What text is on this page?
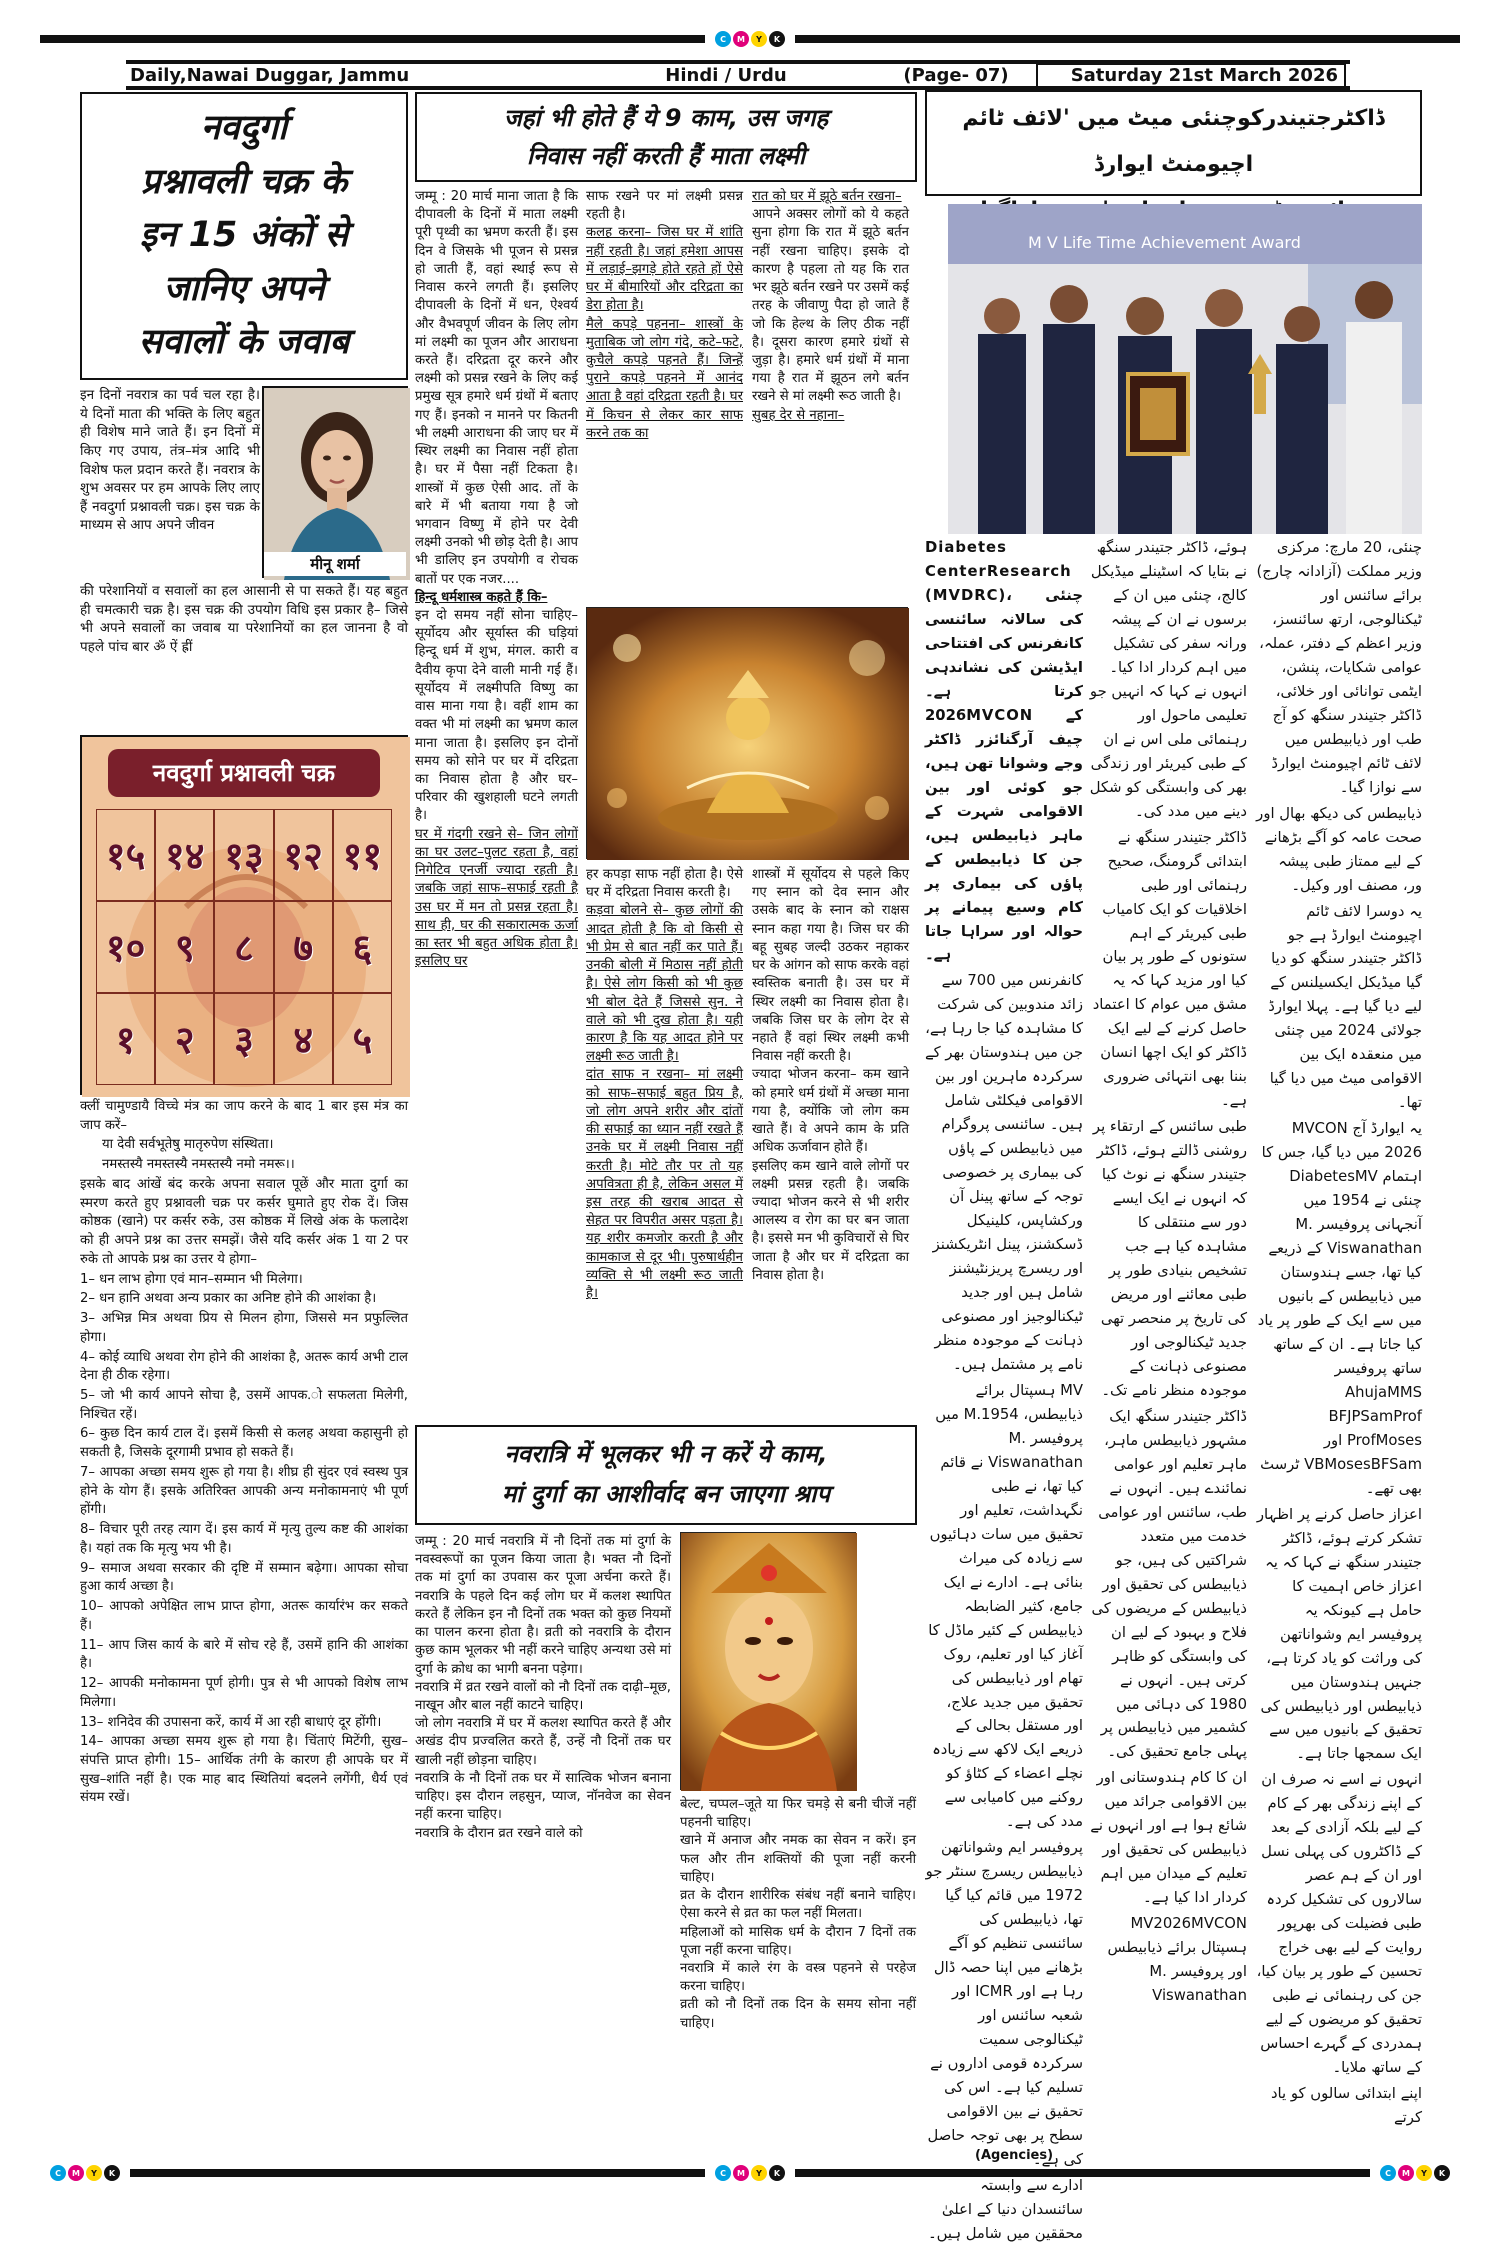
C	M	Y	K
Daily,Nawai Duggar, Jammu	Hindi / Urdu	(Page- 07)	Saturday 21st March 2026
नवदुर्गा
प्रश्नावली चक्र के
इन 15 अंकों से
जानिए अपने
सवालों के जवाब
इन दिनों नवरात्र का पर्व चल रहा है। ये दिनों माता की भक्ति के लिए बहुत ही विशेष माने जाते हैं। इन दिनों में किए गए उपाय, तंत्र–मंत्र आदि भी विशेष फल प्रदान करते हैं। नवरात्र के शुभ अवसर पर हम आपके लिए लाए हैं नवदुर्गा प्रश्नावली चक्र। इस चक्र के माध्यम से आप अपने जीवन
मीनू शर्मा
की परेशानियों व सवालों का हल आसानी से पा सकते हैं। यह बहुत ही चमत्कारी चक्र है। इस चक्र की उपयोग विधि इस प्रकार है– जिसे भी अपने सवालों का जवाब या परेशानियों का हल जानना है वो पहले पांच बार ॐ ऐं ह्रीं
नवदुर्गा प्रश्नावली चक्र
१५ १४ १३ १२ ११
१० ९	८	७	६
१	२	३	४	५

क्लीं चामुण्डायै विच्चे मंत्र का जाप करने के बाद 1 बार इस मंत्र का जाप करें–

या देवी सर्वभूतेषु मातृरुपेण संस्थिता।

नमस्तस्यै नमस्तस्यै नमस्तस्यै नमो नमरू।।

इसके बाद आंखें बंद करके अपना सवाल पूछें और माता दुर्गा का स्मरण करते हुए प्रश्नावली चक्र पर कर्सर घुमाते हुए रोक दें। जिस कोष्ठक (खाने) पर कर्सर रुके, उस कोष्ठक में लिखे अंक के फलादेश को ही अपने प्रश्न का उत्तर समझें। जैसे यदि कर्सर अंक 1 या 2 पर रुके तो आपके प्रश्न का उत्तर ये होगा–

1– धन लाभ होगा एवं मान–सम्मान भी मिलेगा।

2– धन हानि अथवा अन्य प्रकार का अनिष्ट होने की आशंका है।

3– अभिन्न मित्र अथवा प्रिय से मिलन होगा, जिससे मन प्रफुल्लित होगा।

4– कोई व्याधि अथवा रोग होने की आशंका है, अतरू कार्य अभी टाल देना ही ठीक रहेगा।

5– जो भी कार्य आपने सोचा है, उसमें आपक.ो सफलता मिलेगी, निश्चित रहें।

6– कुछ दिन कार्य टाल दें। इसमें किसी से कलह अथवा कहासुनी हो सकती है, जिसके दूरगामी प्रभाव हो सकते हैं।

7– आपका अच्छा समय शुरू हो गया है। शीघ्र ही सुंदर एवं स्वस्थ पुत्र होने के योग हैं। इसके अतिरिक्त आपकी अन्य मनोकामनाएं भी पूर्ण होंगी।

8– विचार पूरी तरह त्याग दें। इस कार्य में मृत्यु तुल्य कष्ट की आशंका है। यहां तक कि मृत्यु भय भी है।

9– समाज अथवा सरकार की दृष्टि में सम्मान बढ़ेगा। आपका सोचा हुआ कार्य अच्छा है।

10– आपको अपेक्षित लाभ प्राप्त होगा, अतरू कार्यारंभ कर सकते हैं।

11– आप जिस कार्य के बारे में सोच रहे हैं, उसमें हानि की आशंका है।

12– आपकी मनोकामना पूर्ण होगी। पुत्र से भी आपको विशेष लाभ मिलेगा।

13– शनिदेव की उपासना करें, कार्य में आ रही बाधाएं दूर होंगी।

14– आपका अच्छा समय शुरू हो गया है। चिंताएं मिटेंगी, सुख–संपत्ति प्राप्त होगी। 15– आर्थिक तंगी के कारण ही आपके घर में सुख–शांति नहीं है। एक माह बाद स्थितियां बदलने लगेंगी, धैर्य एवं संयम रखें।

जहां भी होते हैं ये 9 काम, उस जगह
निवास नहीं करती हैं माता लक्ष्मी

जम्मू : 20 मार्च माना जाता है कि दीपावली के दिनों में माता लक्ष्मी पूरी पृथ्वी का भ्रमण करती हैं। इस दिन वे जिसके भी पूजन से प्रसन्न हो जाती हैं, वहां स्थाई रूप से निवास करने लगती हैं। इसलिए दीपावली के दिनों में धन, ऐश्वर्य और वैभवपूर्ण जीवन के लिए लोग मां लक्ष्मी का पूजन और आराधना करते हैं। दरिद्रता दूर करने और लक्ष्मी को प्रसन्न रखने के लिए कई प्रमुख सूत्र हमारे धर्म ग्रंथों में बताए गए हैं। इनको न मानने पर कितनी भी लक्ष्मी आराधना की जाए घर में स्थिर लक्ष्मी का निवास नहीं होता है। घर में पैसा नहीं टिकता है। शास्त्रों में कुछ ऐसी आद. तों के बारे में भी बताया गया है जो भगवान विष्णु में होने पर देवी लक्ष्मी उनको भी छोड़ देती है। आप भी डालिए इन उपयोगी व रोचक बातों पर एक नजर....

हिन्दू धर्मशास्त्र कहते हैं कि–

इन दो समय नहीं सोना चाहिए– सूर्योदय और सूर्यास्त की घड़ियां हिन्दू धर्म में शुभ, मंगल. कारी व दैवीय कृपा देने वाली मानी गई हैं। सूर्योदय में लक्ष्मीपति विष्णु का वास माना गया है। वहीं शाम का वक्त भी मां लक्ष्मी का भ्रमण काल माना जाता है। इसलिए इन दोनों समय को सोने पर घर में दरिद्रता का निवास होता है और घर–परिवार की खुशहाली घटने लगती है।

घर में गंदगी रखने से– जिन लोगों का घर उलट–पुलट रहता है, वहां निगेटिव एनर्जी ज्यादा रहती है। जबकि जहां साफ–सफाई रहती है उस घर में मन तो प्रसन्न रहता है। साथ ही, घर की सकारात्मक ऊर्जा का स्तर भी बहुत अधिक होता है। इसलिए घर

साफ रखने पर मां लक्ष्मी प्रसन्न रहती है।

कलह करना– जिस घर में शांति नहीं रहती है। जहां हमेशा आपस में लड़ाई–झगड़े होते रहते हों ऐसे घर में बीमारियों और दरिद्रता का डेरा होता है।

मैले कपड़े पहनना– शास्त्रों के मुताबिक जो लोग गंदे, कटे–फटे, कुचैले कपड़े पहनते हैं। जिन्हें पुराने कपड़े पहनने में आनंद आता है वहां दरिद्रता रहती है। घर में किचन से लेकर कार साफ करने तक का

रात को घर में झूठे बर्तन रखना–

आपने अक्सर लोगों को ये कहते सुना होगा कि रात में झूठे बर्तन नहीं रखना चाहिए। इसके दो कारण है पहला तो यह कि रात भर झूठे बर्तन रखने पर उसमें कई तरह के जीवाणु पैदा हो जाते हैं जो कि हेल्थ के लिए ठीक नहीं है। दूसरा कारण हमारे ग्रंथों से जुड़ा है। हमारे धर्म ग्रंथों में माना गया है रात में झूठन लगे बर्तन रखने से मां लक्ष्मी रूठ जाती है।

सुबह देर से नहाना–

हर कपड़ा साफ नहीं होता है। ऐसे घर में दरिद्रता निवास करती है।

कड़वा बोलने से– कुछ लोगों की आदत होती है कि वो किसी से भी प्रेम से बात नहीं कर पाते हैं। उनकी बोली में मिठास नहीं होती है। ऐसे लोग किसी को भी कुछ भी बोल देते हैं जिससे सुन. ने वाले को भी दुख होता है। यही कारण है कि यह आदत होने पर लक्ष्मी रूठ जाती है।

दांत साफ न रखना– मां लक्ष्मी को साफ–सफाई बहुत प्रिय है, जो लोग अपने शरीर और दांतों की सफाई का ध्यान नहीं रखते हैं उनके घर में लक्ष्मी निवास नहीं करती है। मोटे तौर पर तो यह अपवित्रता ही है, लेकिन असल में इस तरह की खराब आदत से सेहत पर विपरीत असर पड़ता है। यह शरीर कमजोर करती है और कामकाज से दूर भी। पुरुषार्थहीन व्यक्ति से भी लक्ष्मी रूठ जाती है।

शास्त्रों में सूर्योदय से पहले किए गए स्नान को देव स्नान और उसके बाद के स्नान को राक्षस स्नान कहा गया है। जिस घर की बहू सुबह जल्दी उठकर नहाकर घर के आंगन को साफ करके वहां स्वस्तिक बनाती है। उस घर में स्थिर लक्ष्मी का निवास होता है। जबकि जिस घर के लोग देर से नहाते हैं वहां स्थिर लक्ष्मी कभी निवास नहीं करती है।

ज्यादा भोजन करना– कम खाने को हमारे धर्म ग्रंथों में अच्छा माना गया है, क्योंकि जो लोग कम खाते हैं। वे अपने काम के प्रति अधिक ऊर्जावान होते हैं।

इसलिए कम खाने वाले लोगों पर लक्ष्मी प्रसन्न रहती है। जबकि ज्यादा भोजन करने से भी शरीर आलस्य व रोग का घर बन जाता है। इससे मन भी कुविचारों से घिर जाता है और घर में दरिद्रता का निवास होता है।

नवरात्रि में भूलकर भी न करें ये काम,
मां दुर्गा का आशीर्वाद बन जाएगा श्राप

जम्मू : 20 मार्च नवरात्रि में नौ दिनों तक मां दुर्गा के नवस्वरूपों का पूजन किया जाता है। भक्त नौ दिनों तक मां दुर्गा का उपवास कर पूजा अर्चना करते हैं। नवरात्रि के पहले दिन कई लोग घर में कलश स्थापित करते हैं लेकिन इन नौ दिनों तक भक्त को कुछ नियमों का पालन करना होता है। व्रती को नवरात्रि के दौरान कुछ काम भूलकर भी नहीं करने चाहिए अन्यथा उसे मां दुर्गा के क्रोध का भागी बनना पड़ेगा।

नवरात्रि में व्रत रखने वालों को नौ दिनों तक दाढ़ी–मूछ, नाखून और बाल नहीं काटने चाहिए।

जो लोग नवरात्रि में घर में कलश स्थापित करते हैं और अखंड दीप प्रज्वलित करते हैं, उन्हें नौ दिनों तक घर खाली नहीं छोड़ना चाहिए।

नवरात्रि के नौ दिनों तक घर में सात्विक भोजन बनाना चाहिए। इस दौरान लहसुन, प्याज, नॉनवेज का सेवन नहीं करना चाहिए।

नवरात्रि के दौरान व्रत रखने वाले को

बेल्ट, चप्पल–जूते या फिर चमड़े से बनी चीजें नहीं पहननी चाहिए।

खाने में अनाज और नमक का सेवन न करें। इन फल और तीन शक्तियों की पूजा नहीं करनी चाहिए।

व्रत के दौरान शारीरिक संबंध नहीं बनाने चाहिए। ऐसा करने से व्रत का फल नहीं मिलता।

महिलाओं को मासिक धर्म के दौरान 7 दिनों तक पूजा नहीं करना चाहिए।

नवरात्रि में काले रंग के वस्त्र पहनने से परहेज करना चाहिए।

व्रती को नौ दिनों तक दिन के समय सोना नहीं चाहिए।

ڈاکٹرجتیندرکوچنئی میٹ میں 'لائف ٹائم اچیومنٹ ایوارڈ
M V Life Time Achievement Award

Diabetes CenterResearch (MVDRC)، چنئی کی سالانہ سائنسی کانفرنس کی افتتاحی ایڈیشن کی نشاندہی کرتا ہے۔ 2026MVCON کے چیف آرگنائزر ڈاکٹر وجے وشوانا تھن ہیں، جو کوئی اور بین الاقوامی شہرت کے ماہر ذیابیطس ہیں، جن کا ذیابیطس کے پاؤں کی بیماری پر کام وسیع پیمانے پر حوالہ اور سراہا جاتا ہے۔

کانفرنس میں 700 سے زائد مندوبین کی شرکت کا مشاہدہ کیا جا رہا ہے، جن میں ہندوستان بھر کے سرکردہ ماہرین اور بین الاقوامی فیکلٹی شامل ہیں۔ سائنسی پروگرام میں ذیابیطس کے پاؤں کی بیماری پر خصوصی توجہ کے ساتھ پینل آن ورکشاپس، کلینیکل ڈسکشنز، پینل انٹریکشنز اور ریسرچ پریزنٹیشنز شامل ہیں اور جدید ٹیکنالوجیز اور مصنوعی ذہانت کے موجودہ منظر نامے پر مشتمل ہیں۔

MV ہسپتال برائے ذیابیطس، M.1954 میں پروفیسر M. Viswanathan نے قائم کیا تھا، نے طبی نگہداشت، تعلیم اور تحقیق میں سات دہائیوں سے زیادہ کی میراث بنائی ہے۔ ادارے نے ایک جامع، کثیر الضابطہ ذیابیطس کے کئیر ماڈل کا آغاز کیا اور تعلیم، روک تھام اور ذیابیطس کی تحقیق میں جدید علاج، اور مستقل بحالی کے ذریعے ایک لاکھ سے زیادہ نچلے اعضاء کے کٹاؤ کو روکنے میں کامیابی سے مدد کی ہے۔

پروفیسر ایم وشواناتھن ذیابیطس ریسرچ سنٹر جو 1972 میں قائم کیا گیا تھا، ذیابیطس کی سائنسی تنظیم کو آگے بڑھانے میں اپنا حصہ ڈال رہا ہے اور ICMR اور شعبہ سائنس اور ٹیکنالوجی سمیت سرکردہ قومی اداروں نے تسلیم کیا ہے۔ اس کی تحقیق نے بین الاقوامی سطح پر بھی توجہ حاصل کی ہے۔

ادارے سے وابستہ سائنسدان دنیا کے اعلیٰ محققین میں شامل ہیں۔

ہوئے، ڈاکٹر جتیندر سنگھ نے بتایا کہ اسٹینلے میڈیکل کالج، چنئی میں ان کے برسوں نے ان کے پیشہ ورانہ سفر کی تشکیل میں اہم کردار ادا کیا۔ انہوں نے کہا کہ انہیں جو تعلیمی ماحول اور رہنمائی ملی اس نے ان کے طبی کیریئر اور زندگی بھر کی وابستگی کو شکل دینے میں مدد کی۔

ڈاکٹر جتیندر سنگھ نے ابتدائی گرومنگ، صحیح رہنمائی اور طبی اخلاقیات کو ایک کامیاب طبی کیریئر کے اہم ستونوں کے طور پر بیان کیا اور مزید کہا کہ یہ مشق میں عوام کا اعتماد حاصل کرنے کے لیے ایک ڈاکٹر کو ایک اچھا انسان بننا بھی انتہائی ضروری ہے۔

طبی سائنس کے ارتقاء پر روشنی ڈالتے ہوئے، ڈاکٹر جتیندر سنگھ نے نوٹ کیا کہ انہوں نے ایک ایسے دور سے منتقلی کا مشاہدہ کیا ہے جب تشخیص بنیادی طور پر طبی معائنے اور مریض کی تاریخ پر منحصر تھی جدید ٹیکنالوجی اور مصنوعی ذہانت کے موجودہ منظر نامے تک۔

ڈاکٹر جتیندر سنگھ ایک مشہور ذیابیطس ماہر، ماہر تعلیم اور عوامی نمائندے ہیں۔ انہوں نے طب، سائنس اور عوامی خدمت میں متعدد شراکتیں کی ہیں، جو ذیابیطس کی تحقیق اور ذیابیطس کے مریضوں کی فلاح و بہبود کے لیے ان کی وابستگی کو ظاہر کرتی ہیں۔ انہوں نے 1980 کی دہائی میں کشمیر میں ذیابیطس پر پہلی جامع تحقیق کی۔

ان کا کام ہندوستانی اور بین الاقوامی جرائد میں شائع ہوا ہے اور انہوں نے ذیابیطس کی تحقیق اور تعلیم کے میدان میں اہم کردار ادا کیا ہے۔

MV2026MVCON ہسپتال برائے ذیابیطس اور پروفیسر M. Viswanathan

چنئی، 20 مارچ: مرکزی وزیر مملکت (آزادانہ چارج) برائے سائنس اور ٹیکنالوجی، ارتھ سائنسز، وزیر اعظم کے دفتر، عملہ، عوامی شکایات، پنشن، ایٹمی توانائی اور خلائی، ڈاکٹر جتیندر سنگھ کو آج طب اور ذیابیطس میں لائف ٹائم اچیومنٹ ایوارڈ سے نوازا گیا۔

ذیابیطس کی دیکھ بھال اور صحت عامہ کو آگے بڑھانے کے لیے ممتاز طبی پیشہ ور، مصنف اور وکیل۔

یہ دوسرا لائف ٹائم اچیومنٹ ایوارڈ ہے جو ڈاکٹر جتیندر سنگھ کو دیا گیا میڈیکل ایکسیلنس کے لیے دیا گیا ہے۔ پہلا ایوارڈ جولائی 2024 میں چنئی میں منعقدہ ایک بین الاقوامی میٹ میں دیا گیا تھا۔

یہ ایوارڈ آج MVCON 2026 میں دیا گیا، جس کا اہتمام DiabetesMV چنئی نے 1954 میں آنجہانی پروفیسر M. Viswanathan کے ذریعے کیا تھا، جسے ہندوستان میں ذیابیطس کے بانیوں میں سے ایک کے طور پر یاد کیا جاتا ہے۔ ان کے ساتھ ساتھ پروفیسر AhujaMMS BFJPSamProf ProfMoses اور VBMosesBFSam ٹرسٹ بھی تھے۔

اعزاز حاصل کرنے پر اظہار تشکر کرتے ہوئے، ڈاکٹر جتیندر سنگھ نے کہا کہ یہ اعزاز خاص اہمیت کا حامل ہے کیونکہ یہ پروفیسر ایم وشواناتھن کی وراثت کو یاد کرتا ہے، جنہیں ہندوستان میں ذیابیطس اور ذیابیطس کی تحقیق کے بانیوں میں سے ایک سمجھا جاتا ہے۔

انہوں نے اسے نہ صرف ان کے اپنے زندگی بھر کے کام کے لیے بلکہ آزادی کے بعد کے ڈاکٹروں کی پہلی نسل اور ان کے ہم عصر سالاروں کی تشکیل کردہ طبی فضیلت کی بھرپور روایت کے لیے بھی خراج تحسین کے طور پر بیان کیا، جن کی رہنمائی نے طبی تحقیق کو مریضوں کے لیے ہمدردی کے گہرے احساس کے ساتھ ملایا۔

اپنے ابتدائی سالوں کو یاد کرتے

(Agencies)
C	M	Y	K	C	M	Y	K	C	M	Y	K
